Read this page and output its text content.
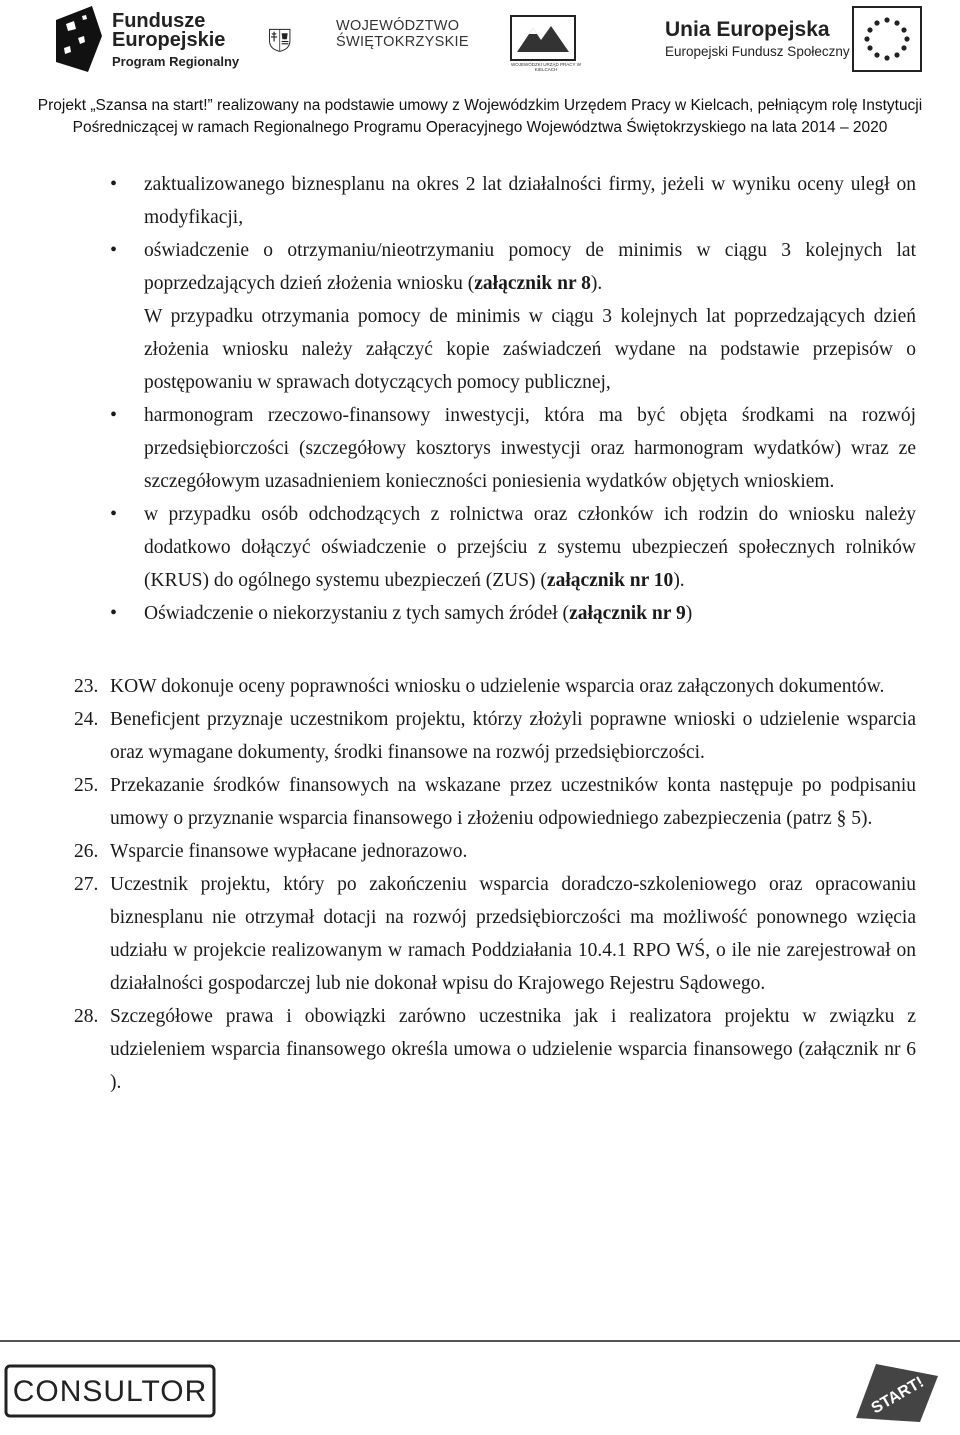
Fundusze
Europejskie
Program Regionalny
WOJEWÓDZTWO
ŚWIĘTOKRZYSKIE
WOJEWÓDZKI URZĄD PRACY W KIELCACH
Unia Europejska
Europejski Fundusz Społeczny
Projekt „Szansa na start!” realizowany na podstawie umowy z Wojewódzkim Urzędem Pracy w Kielcach, pełniącym rolę Instytucji
Pośredniczącej w ramach Regionalnego Programu Operacyjnego Województwa Świętokrzyskiego na lata 2014 – 2020
• zaktualizowanego biznesplanu na okres 2 lat działalności firmy, jeżeli w wyniku oceny uległ on modyfikacji,
• oświadczenie o otrzymaniu/nieotrzymaniu pomocy de minimis w ciągu 3 kolejnych lat poprzedzających dzień złożenia wniosku (załącznik nr 8).
W przypadku otrzymania pomocy de minimis w ciągu 3 kolejnych lat poprzedzających dzień złożenia wniosku należy załączyć kopie zaświadczeń wydane na podstawie przepisów o postępowaniu w sprawach dotyczących pomocy publicznej,
• harmonogram rzeczowo-finansowy inwestycji, która ma być objęta środkami na rozwój przedsiębiorczości (szczegółowy kosztorys inwestycji oraz harmonogram wydatków) wraz ze szczegółowym uzasadnieniem konieczności poniesienia wydatków objętych wnioskiem.
• w przypadku osób odchodzących z rolnictwa oraz członków ich rodzin do wniosku należy dodatkowo dołączyć oświadczenie o przejściu z systemu ubezpieczeń społecznych rolników (KRUS) do ogólnego systemu ubezpieczeń (ZUS) (załącznik nr 10).
• Oświadczenie o niekorzystaniu z tych samych źródeł (załącznik nr 9)
23. KOW dokonuje oceny poprawności wniosku o udzielenie wsparcia oraz załączonych dokumentów.
24. Beneficjent przyznaje uczestnikom projektu, którzy złożyli poprawne wnioski o udzielenie wsparcia oraz wymagane dokumenty, środki finansowe na rozwój przedsiębiorczości.
25. Przekazanie środków finansowych na wskazane przez uczestników konta następuje po podpisaniu umowy o przyznanie wsparcia finansowego i złożeniu odpowiedniego zabezpieczenia (patrz § 5).
26. Wsparcie finansowe wypłacane jednorazowo.
27. Uczestnik projektu, który po zakończeniu wsparcia doradczo-szkoleniowego oraz opracowaniu biznesplanu nie otrzymał dotacji na rozwój przedsiębiorczości ma możliwość ponownego wzięcia udziału w projekcie realizowanym w ramach Poddziałania 10.4.1 RPO WŚ, o ile nie zarejestrował on działalności gospodarczej lub nie dokonał wpisu do Krajowego Rejestru Sądowego.
28. Szczegółowe prawa i obowiązki zarówno uczestnika jak i realizatora projektu w związku z udzieleniem wsparcia finansowego określa umowa o udzielenie wsparcia finansowego (załącznik nr 6 ).
CONSULTOR	START!
